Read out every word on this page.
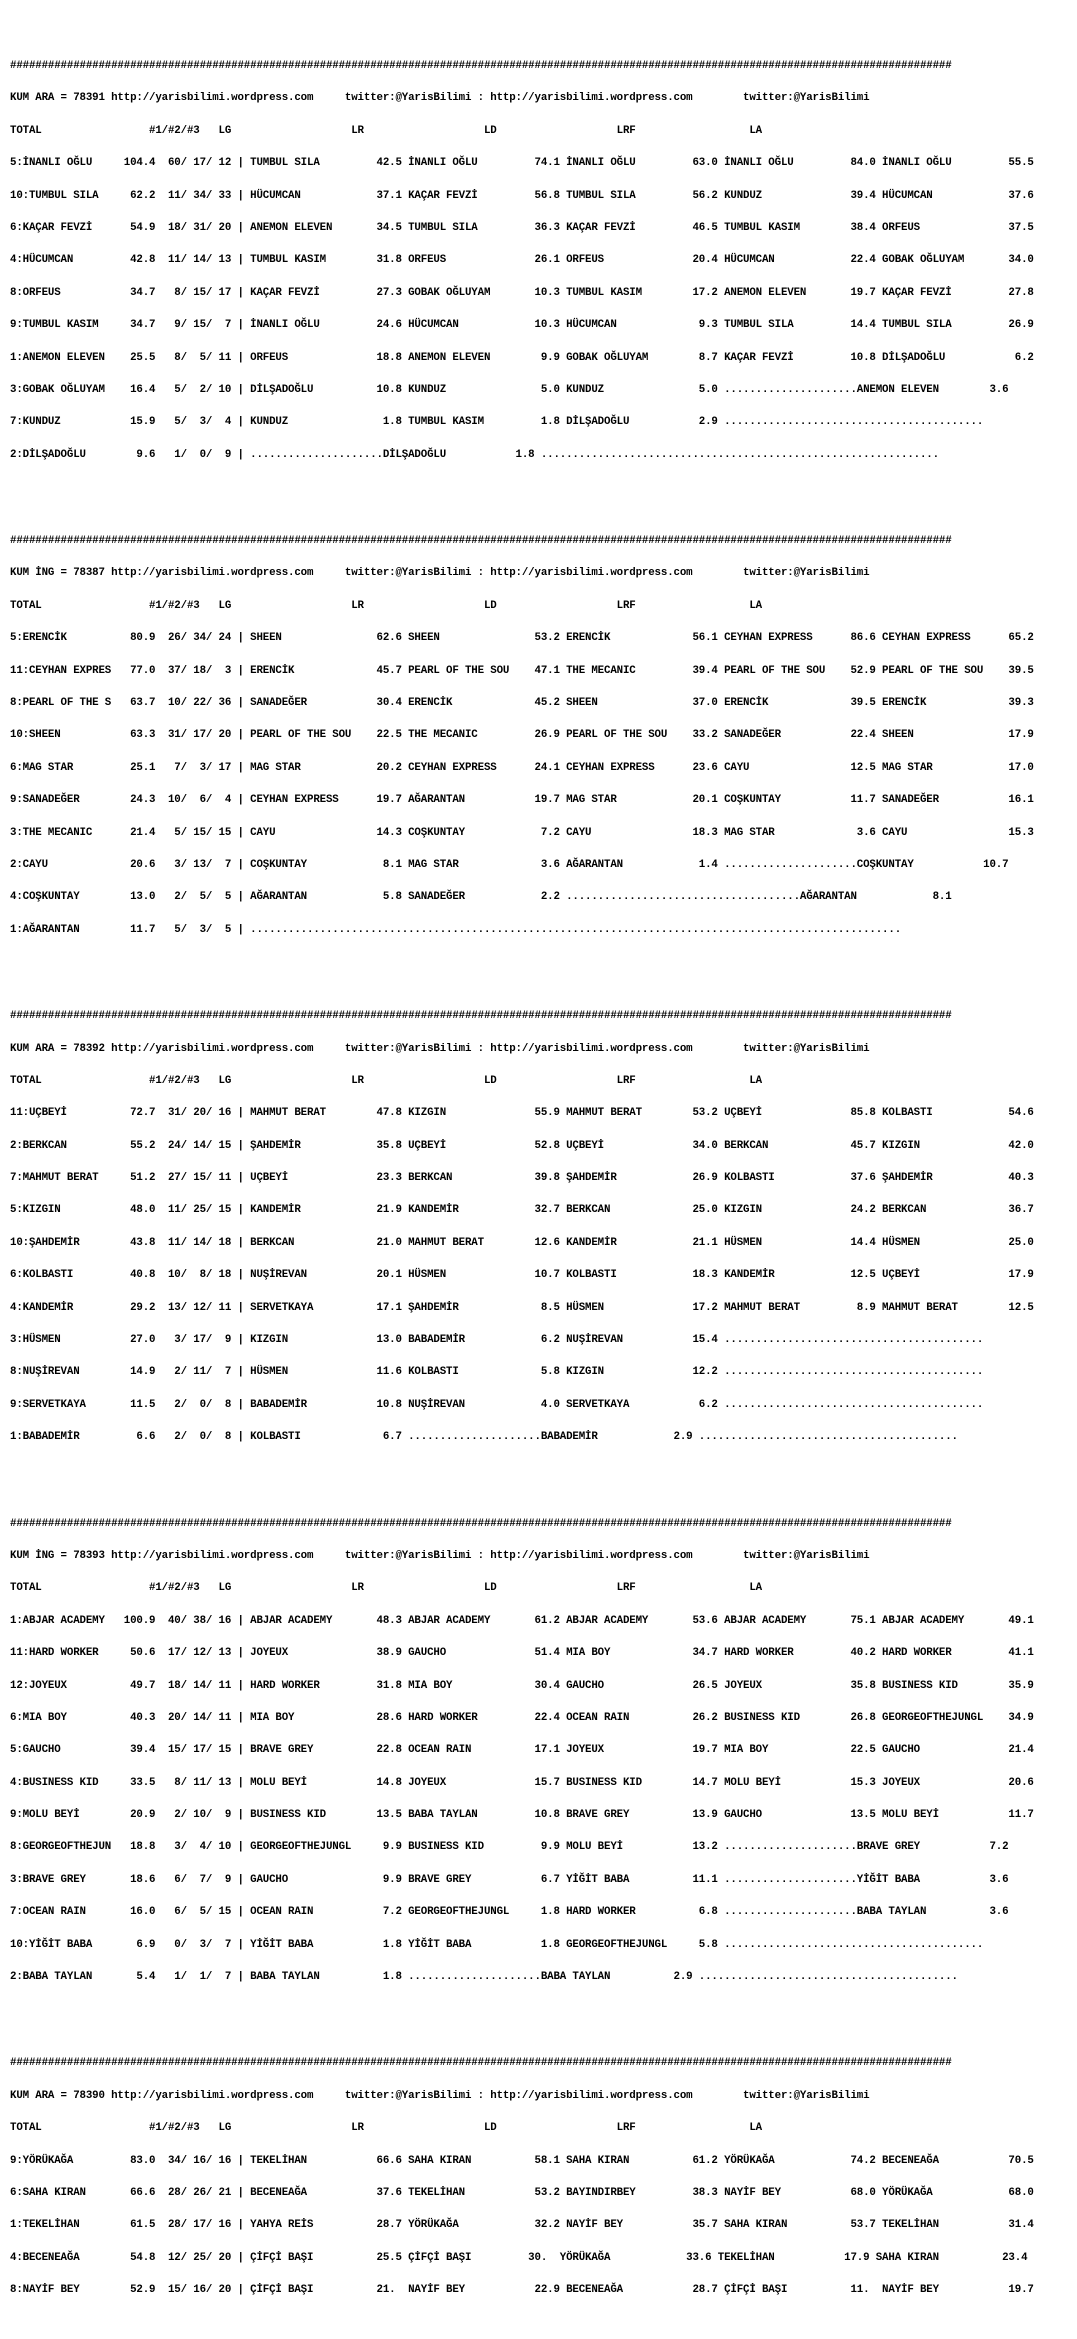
#####################################################################################################################################################

KUM ARA = 78391 http://yarisbilimi.wordpress.com     twitter:@YarisBilimi : http://yarisbilimi.wordpress.com        twitter:@YarisBilimi

TOTAL                 #1/#2/#3   LG                   LR                   LD                   LRF                  LA

5:İNANLI OĞLU     104.4  60/ 17/ 12 | TUMBUL SILA         42.5 İNANLI OĞLU         74.1 İNANLI OĞLU         63.0 İNANLI OĞLU         84.0 İNANLI OĞLU         55.5

10:TUMBUL SILA     62.2  11/ 34/ 33 | HÜCUMCAN            37.1 KAÇAR FEVZİ         56.8 TUMBUL SILA         56.2 KUNDUZ              39.4 HÜCUMCAN            37.6

6:KAÇAR FEVZİ      54.9  18/ 31/ 20 | ANEMON ELEVEN       34.5 TUMBUL SILA         36.3 KAÇAR FEVZİ         46.5 TUMBUL KASIM        38.4 ORFEUS              37.5

4:HÜCUMCAN         42.8  11/ 14/ 13 | TUMBUL KASIM        31.8 ORFEUS              26.1 ORFEUS              20.4 HÜCUMCAN            22.4 GOBAK OĞLUYAM       34.0

8:ORFEUS           34.7   8/ 15/ 17 | KAÇAR FEVZİ         27.3 GOBAK OĞLUYAM       10.3 TUMBUL KASIM        17.2 ANEMON ELEVEN       19.7 KAÇAR FEVZİ         27.8

9:TUMBUL KASIM     34.7   9/ 15/  7 | İNANLI OĞLU         24.6 HÜCUMCAN            10.3 HÜCUMCAN             9.3 TUMBUL SILA         14.4 TUMBUL SILA         26.9

1:ANEMON ELEVEN    25.5   8/  5/ 11 | ORFEUS              18.8 ANEMON ELEVEN        9.9 GOBAK OĞLUYAM        8.7 KAÇAR FEVZİ         10.8 DİLŞADOĞLU           6.2

3:GOBAK OĞLUYAM    16.4   5/  2/ 10 | DİLŞADOĞLU          10.8 KUNDUZ               5.0 KUNDUZ               5.0 .....................ANEMON ELEVEN        3.6

7:KUNDUZ           15.9   5/  3/  4 | KUNDUZ               1.8 TUMBUL KASIM         1.8 DİLŞADOĞLU           2.9 .........................................

2:DİLŞADOĞLU        9.6   1/  0/  9 | .....................DİLŞADOĞLU           1.8 ...............................................................

#####################################################################################################################################################

KUM İNG = 78387 http://yarisbilimi.wordpress.com     twitter:@YarisBilimi : http://yarisbilimi.wordpress.com        twitter:@YarisBilimi

TOTAL                 #1/#2/#3   LG                   LR                   LD                   LRF                  LA

5:ERENCİK          80.9  26/ 34/ 24 | SHEEN               62.6 SHEEN               53.2 ERENCİK             56.1 CEYHAN EXPRESS      86.6 CEYHAN EXPRESS      65.2

11:CEYHAN EXPRES   77.0  37/ 18/  3 | ERENCİK             45.7 PEARL OF THE SOU    47.1 THE MECANIC         39.4 PEARL OF THE SOU    52.9 PEARL OF THE SOU    39.5

8:PEARL OF THE S   63.7  10/ 22/ 36 | SANADEĞER           30.4 ERENCİK             45.2 SHEEN               37.0 ERENCİK             39.5 ERENCİK             39.3

10:SHEEN           63.3  31/ 17/ 20 | PEARL OF THE SOU    22.5 THE MECANIC         26.9 PEARL OF THE SOU    33.2 SANADEĞER           22.4 SHEEN               17.9

6:MAG STAR         25.1   7/  3/ 17 | MAG STAR            20.2 CEYHAN EXPRESS      24.1 CEYHAN EXPRESS      23.6 CAYU                12.5 MAG STAR            17.0

9:SANADEĞER        24.3  10/  6/  4 | CEYHAN EXPRESS      19.7 AĞARANTAN           19.7 MAG STAR            20.1 COŞKUNTAY           11.7 SANADEĞER           16.1

3:THE MECANIC      21.4   5/ 15/ 15 | CAYU                14.3 COŞKUNTAY            7.2 CAYU                18.3 MAG STAR             3.6 CAYU                15.3

2:CAYU             20.6   3/ 13/  7 | COŞKUNTAY            8.1 MAG STAR             3.6 AĞARANTAN            1.4 .....................COŞKUNTAY           10.7

4:COŞKUNTAY        13.0   2/  5/  5 | AĞARANTAN            5.8 SANADEĞER            2.2 .....................................AĞARANTAN            8.1

1:AĞARANTAN        11.7   5/  3/  5 | .......................................................................................................

#####################################################################################################################################################

KUM ARA = 78392 http://yarisbilimi.wordpress.com     twitter:@YarisBilimi : http://yarisbilimi.wordpress.com        twitter:@YarisBilimi

TOTAL                 #1/#2/#3   LG                   LR                   LD                   LRF                  LA

11:UÇBEYİ          72.7  31/ 20/ 16 | MAHMUT BERAT        47.8 KIZGIN              55.9 MAHMUT BERAT        53.2 UÇBEYİ              85.8 KOLBASTI            54.6

2:BERKCAN          55.2  24/ 14/ 15 | ŞAHDEMİR            35.8 UÇBEYİ              52.8 UÇBEYİ              34.0 BERKCAN             45.7 KIZGIN              42.0

7:MAHMUT BERAT     51.2  27/ 15/ 11 | UÇBEYİ              23.3 BERKCAN             39.8 ŞAHDEMİR            26.9 KOLBASTI            37.6 ŞAHDEMİR            40.3

5:KIZGIN           48.0  11/ 25/ 15 | KANDEMİR            21.9 KANDEMİR            32.7 BERKCAN             25.0 KIZGIN              24.2 BERKCAN             36.7

10:ŞAHDEMİR        43.8  11/ 14/ 18 | BERKCAN             21.0 MAHMUT BERAT        12.6 KANDEMİR            21.1 HÜSMEN              14.4 HÜSMEN              25.0

6:KOLBASTI         40.8  10/  8/ 18 | NUŞİREVAN           20.1 HÜSMEN              10.7 KOLBASTI            18.3 KANDEMİR            12.5 UÇBEYİ              17.9

4:KANDEMİR         29.2  13/ 12/ 11 | SERVETKAYA          17.1 ŞAHDEMİR             8.5 HÜSMEN              17.2 MAHMUT BERAT         8.9 MAHMUT BERAT        12.5

3:HÜSMEN           27.0   3/ 17/  9 | KIZGIN              13.0 BABADEMİR            6.2 NUŞİREVAN           15.4 .........................................

8:NUŞİREVAN        14.9   2/ 11/  7 | HÜSMEN              11.6 KOLBASTI             5.8 KIZGIN              12.2 .........................................

9:SERVETKAYA       11.5   2/  0/  8 | BABADEMİR           10.8 NUŞİREVAN            4.0 SERVETKAYA           6.2 .........................................

1:BABADEMİR         6.6   2/  0/  8 | KOLBASTI             6.7 .....................BABADEMİR            2.9 .........................................

#####################################################################################################################################################

KUM İNG = 78393 http://yarisbilimi.wordpress.com     twitter:@YarisBilimi : http://yarisbilimi.wordpress.com        twitter:@YarisBilimi

TOTAL                 #1/#2/#3   LG                   LR                   LD                   LRF                  LA

1:ABJAR ACADEMY   100.9  40/ 38/ 16 | ABJAR ACADEMY       48.3 ABJAR ACADEMY       61.2 ABJAR ACADEMY       53.6 ABJAR ACADEMY       75.1 ABJAR ACADEMY       49.1

11:HARD WORKER     50.6  17/ 12/ 13 | JOYEUX              38.9 GAUCHO              51.4 MIA BOY             34.7 HARD WORKER         40.2 HARD WORKER         41.1

12:JOYEUX          49.7  18/ 14/ 11 | HARD WORKER         31.8 MIA BOY             30.4 GAUCHO              26.5 JOYEUX              35.8 BUSINESS KID        35.9

6:MIA BOY          40.3  20/ 14/ 11 | MIA BOY             28.6 HARD WORKER         22.4 OCEAN RAIN          26.2 BUSINESS KID        26.8 GEORGEOFTHEJUNGL    34.9

5:GAUCHO           39.4  15/ 17/ 15 | BRAVE GREY          22.8 OCEAN RAIN          17.1 JOYEUX              19.7 MIA BOY             22.5 GAUCHO              21.4

4:BUSINESS KID     33.5   8/ 11/ 13 | MOLU BEYİ           14.8 JOYEUX              15.7 BUSINESS KID        14.7 MOLU BEYİ           15.3 JOYEUX              20.6

9:MOLU BEYİ        20.9   2/ 10/  9 | BUSINESS KID        13.5 BABA TAYLAN         10.8 BRAVE GREY          13.9 GAUCHO              13.5 MOLU BEYİ           11.7

8:GEORGEOFTHEJUN   18.8   3/  4/ 10 | GEORGEOFTHEJUNGL     9.9 BUSINESS KID         9.9 MOLU BEYİ           13.2 .....................BRAVE GREY           7.2

3:BRAVE GREY       18.6   6/  7/  9 | GAUCHO               9.9 BRAVE GREY           6.7 YİĞİT BABA          11.1 .....................YİĞİT BABA           3.6

7:OCEAN RAIN       16.0   6/  5/ 15 | OCEAN RAIN           7.2 GEORGEOFTHEJUNGL     1.8 HARD WORKER          6.8 .....................BABA TAYLAN          3.6

10:YİĞİT BABA       6.9   0/  3/  7 | YİĞİT BABA           1.8 YİĞİT BABA           1.8 GEORGEOFTHEJUNGL     5.8 .........................................

2:BABA TAYLAN       5.4   1/  1/  7 | BABA TAYLAN          1.8 .....................BABA TAYLAN          2.9 .........................................

#####################################################################################################################################################

KUM ARA = 78390 http://yarisbilimi.wordpress.com     twitter:@YarisBilimi : http://yarisbilimi.wordpress.com        twitter:@YarisBilimi

TOTAL                 #1/#2/#3   LG                   LR                   LD                   LRF                  LA

9:YÖRÜKAĞA         83.0  34/ 16/ 16 | TEKELİHAN           66.6 SAHA KIRAN          58.1 SAHA KIRAN          61.2 YÖRÜKAĞA            74.2 BECENEAĞA           70.5

6:SAHA KIRAN       66.6  28/ 26/ 21 | BECENEAĞA           37.6 TEKELİHAN           53.2 BAYINDIRBEY         38.3 NAYİF BEY           68.0 YÖRÜKAĞA            68.0

1:TEKELİHAN        61.5  28/ 17/ 16 | YAHYA REİS          28.7 YÖRÜKAĞA            32.2 NAYİF BEY           35.7 SAHA KIRAN          53.7 TEKELİHAN           31.4

4:BECENEAĞA        54.8  12/ 25/ 20 | ÇİFÇİ BAŞI          25.5 ÇİFÇİ BAŞI         30.  YÖRÜKAĞA            33.6 TEKELİHAN           17.9 SAHA KIRAN          23.4

8:NAYİF BEY        52.9  15/ 16/ 20 | ÇİFÇİ BAŞI          21.  NAYİF BEY           22.9 BECENEAĞA           28.7 ÇİFÇİ BAŞI          11.  NAYİF BEY           19.7
